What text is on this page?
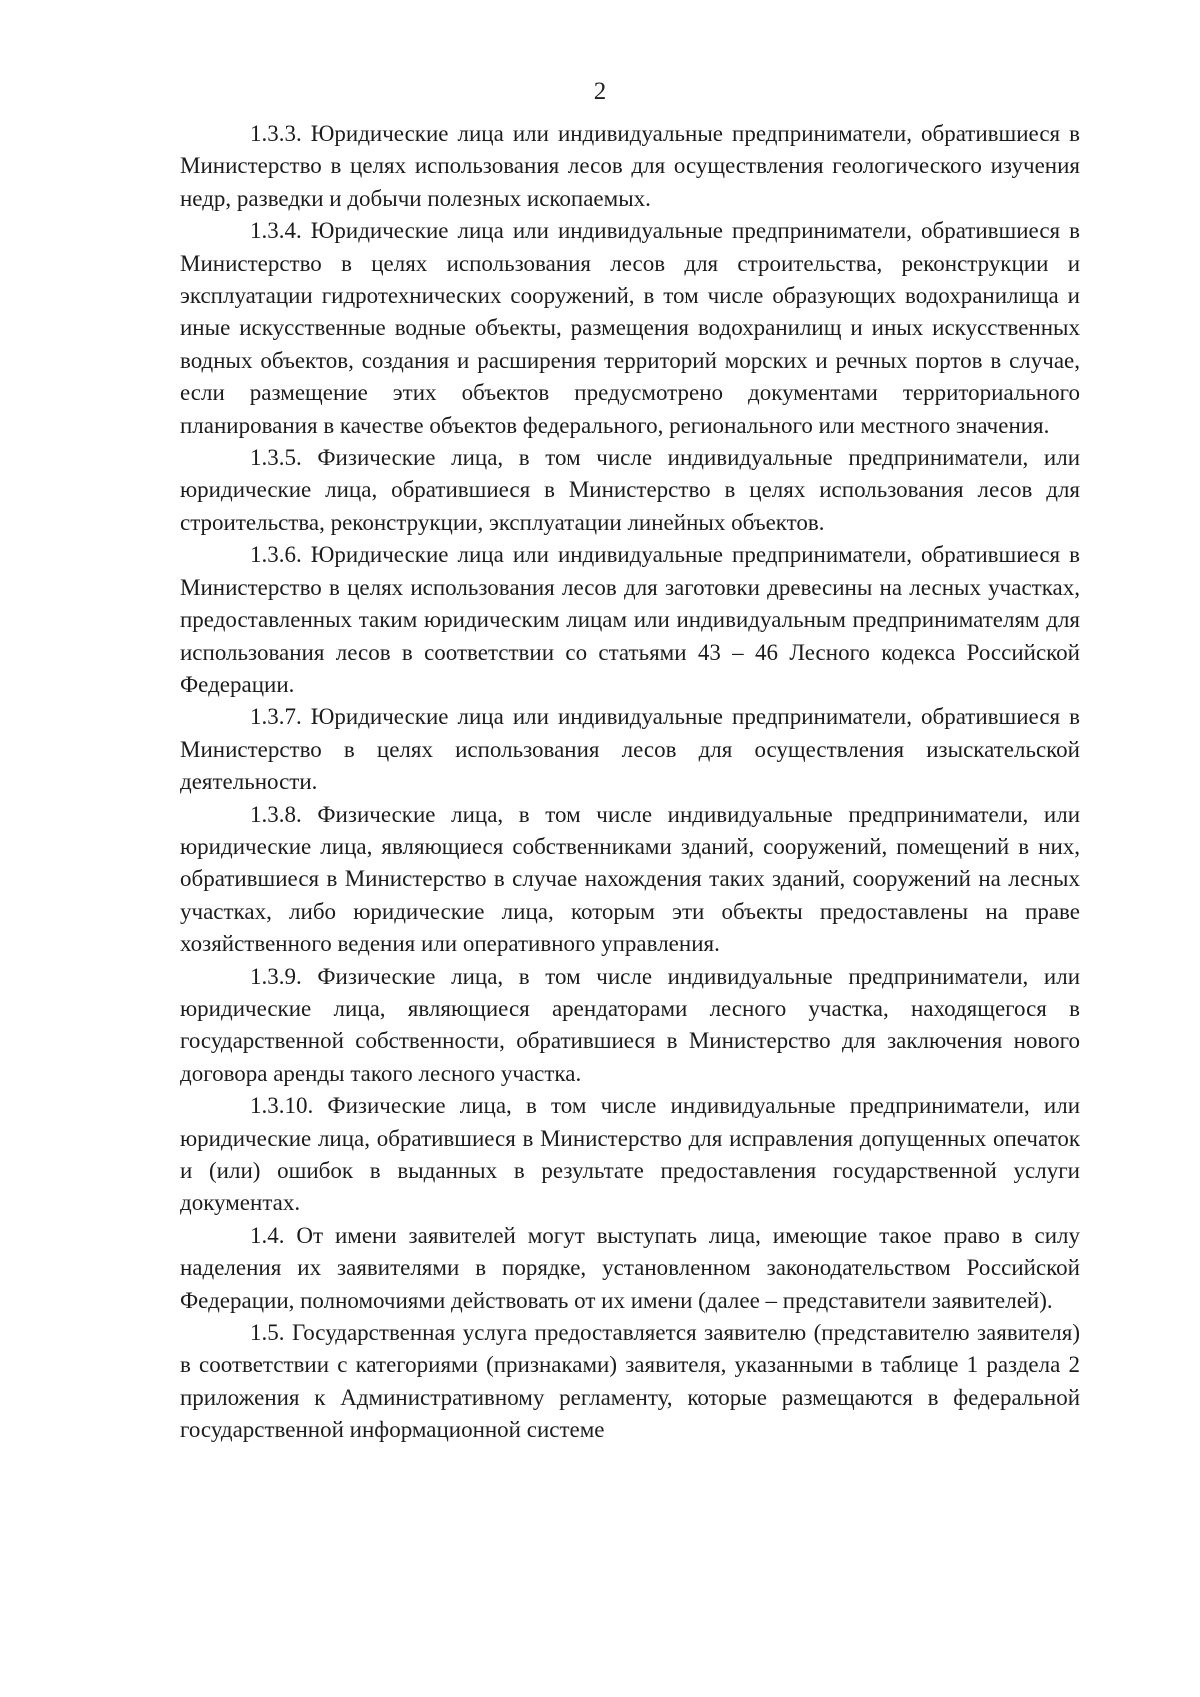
2

1.3.3. Юридические лица или индивидуальные предприниматели, обратившиеся в Министерство в целях использования лесов для осуществления геологического изучения недр, разведки и добычи полезных ископаемых.

1.3.4. Юридические лица или индивидуальные предприниматели, обратившиеся в Министерство в целях использования лесов для строительства, реконструкции и эксплуатации гидротехнических сооружений, в том числе образующих водохранилища и иные искусственные водные объекты, размещения водохранилищ и иных искусственных водных объектов, создания и расширения территорий морских и речных портов в случае, если размещение этих объектов предусмотрено документами территориального планирования в качестве объектов федерального, регионального или местного значения.

1.3.5. Физические лица, в том числе индивидуальные предприниматели, или юридические лица, обратившиеся в Министерство в целях использования лесов для строительства, реконструкции, эксплуатации линейных объектов.

1.3.6. Юридические лица или индивидуальные предприниматели, обратившиеся в Министерство в целях использования лесов для заготовки древесины на лесных участках, предоставленных таким юридическим лицам или индивидуальным предпринимателям для использования лесов в соответствии со статьями 43 – 46 Лесного кодекса Российской Федерации.

1.3.7. Юридические лица или индивидуальные предприниматели, обратившиеся в Министерство в целях использования лесов для осуществления изыскательской деятельности.

1.3.8. Физические лица, в том числе индивидуальные предприниматели, или юридические лица, являющиеся собственниками зданий, сооружений, помещений в них, обратившиеся в Министерство в случае нахождения таких зданий, сооружений на лесных участках, либо юридические лица, которым эти объекты предоставлены на праве хозяйственного ведения или оперативного управления.

1.3.9. Физические лица, в том числе индивидуальные предприниматели, или юридические лица, являющиеся арендаторами лесного участка, находящегося в государственной собственности, обратившиеся в Министерство для заключения нового договора аренды такого лесного участка.

1.3.10. Физические лица, в том числе индивидуальные предприниматели, или юридические лица, обратившиеся в Министерство для исправления допущенных опечаток и (или) ошибок в выданных в результате предоставления государственной услуги документах.

1.4. От имени заявителей могут выступать лица, имеющие такое право в силу наделения их заявителями в порядке, установленном законодательством Российской Федерации, полномочиями действовать от их имени (далее – представители заявителей).

1.5. Государственная услуга предоставляется заявителю (представителю заявителя) в соответствии с категориями (признаками) заявителя, указанными в таблице 1 раздела 2 приложения к Административному регламенту, которые размещаются в федеральной государственной информационной системе
